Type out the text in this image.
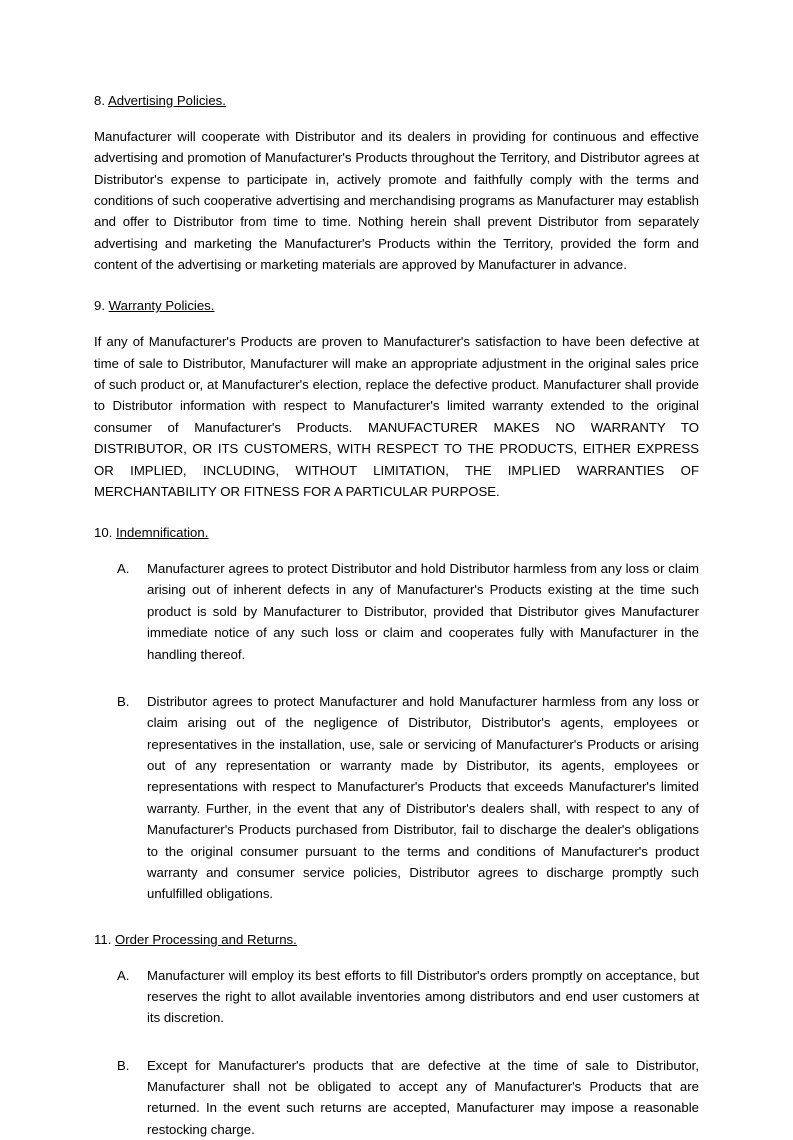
8. Advertising Policies.

Manufacturer will cooperate with Distributor and its dealers in providing for continuous and effective advertising and promotion of Manufacturer's Products throughout the Territory, and Distributor agrees at Distributor's expense to participate in, actively promote and faithfully comply with the terms and conditions of such cooperative advertising and merchandising programs as Manufacturer may establish and offer to Distributor from time to time. Nothing herein shall prevent Distributor from separately advertising and marketing the Manufacturer's Products within the Territory, provided the form and content of the advertising or marketing materials are approved by Manufacturer in advance.

9. Warranty Policies.

If any of Manufacturer's Products are proven to Manufacturer's satisfaction to have been defective at time of sale to Distributor, Manufacturer will make an appropriate adjustment in the original sales price of such product or, at Manufacturer's election, replace the defective product. Manufacturer shall provide to Distributor information with respect to Manufacturer's limited warranty extended to the original consumer of Manufacturer's Products. MANUFACTURER MAKES NO WARRANTY TO DISTRIBUTOR, OR ITS CUSTOMERS, WITH RESPECT TO THE PRODUCTS, EITHER EXPRESS OR IMPLIED, INCLUDING, WITHOUT LIMITATION, THE IMPLIED WARRANTIES OF MERCHANTABILITY OR FITNESS FOR A PARTICULAR PURPOSE.

10. Indemnification.
A.	Manufacturer agrees to protect Distributor and hold Distributor harmless from any loss or claim arising out of inherent defects in any of Manufacturer's Products existing at the time such product is sold by Manufacturer to Distributor, provided that Distributor gives Manufacturer immediate notice of any such loss or claim and cooperates fully with Manufacturer in the handling thereof.
B.	Distributor agrees to protect Manufacturer and hold Manufacturer harmless from any loss or claim arising out of the negligence of Distributor, Distributor's agents, employees or representatives in the installation, use, sale or servicing of Manufacturer's Products or arising out of any representation or warranty made by Distributor, its agents, employees or representations with respect to Manufacturer's Products that exceeds Manufacturer's limited warranty. Further, in the event that any of Distributor's dealers shall, with respect to any of Manufacturer's Products purchased from Distributor, fail to discharge the dealer's obligations to the original consumer pursuant to the terms and conditions of Manufacturer's product warranty and consumer service policies, Distributor agrees to discharge promptly such unfulfilled obligations.
11. Order Processing and Returns.
A.	Manufacturer will employ its best efforts to fill Distributor's orders promptly on acceptance, but reserves the right to allot available inventories among distributors and end user customers at its discretion.
B.	Except for Manufacturer's products that are defective at the time of sale to Distributor, Manufacturer shall not be obligated to accept any of Manufacturer's Products that are returned. In the event such returns are accepted, Manufacturer may impose a reasonable restocking charge.
